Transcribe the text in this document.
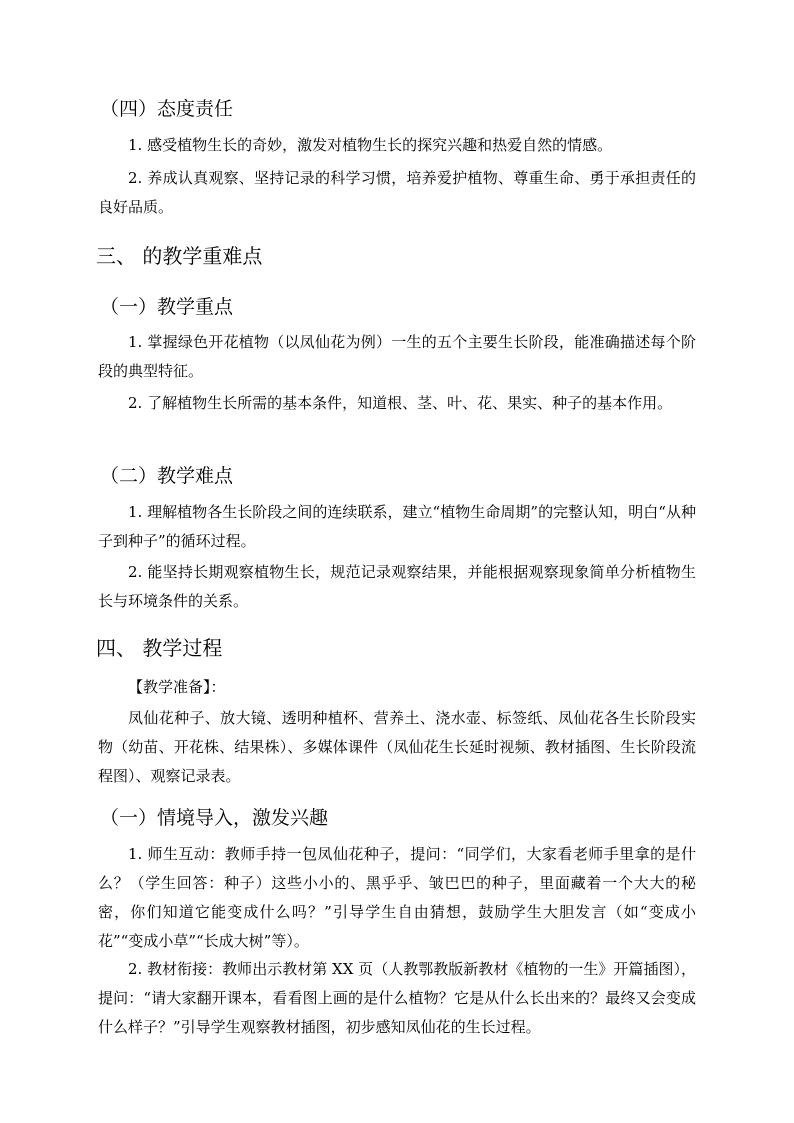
（四）态度责任
1. 感受植物生长的奇妙，激发对植物生长的探究兴趣和热爱自然的情感。
2. 养成认真观察、坚持记录的科学习惯，培养爱护植物、尊重生命、勇于承担责任的良好品质。
三、 的教学重难点
（一）教学重点
1. 掌握绿色开花植物（以凤仙花为例）一生的五个主要生长阶段，能准确描述每个阶段的典型特征。
2. 了解植物生长所需的基本条件，知道根、茎、叶、花、果实、种子的基本作用。
（二）教学难点
1. 理解植物各生长阶段之间的连续联系，建立“植物生命周期”的完整认知，明白“从种子到种子”的循环过程。
2. 能坚持长期观察植物生长，规范记录观察结果，并能根据观察现象简单分析植物生长与环境条件的关系。
四、 教学过程
【教学准备】：
凤仙花种子、放大镜、透明种植杯、营养土、浇水壶、标签纸、凤仙花各生长阶段实物（幼苗、开花株、结果株）、多媒体课件（凤仙花生长延时视频、教材插图、生长阶段流程图）、观察记录表。
（一）情境导入，激发兴趣
1. 师生互动：教师手持一包凤仙花种子，提问：“同学们，大家看老师手里拿的是什么？（学生回答：种子）这些小小的、黑乎乎、皱巴巴的种子，里面藏着一个大大的秘密，你们知道它能变成什么吗？”引导学生自由猜想，鼓励学生大胆发言（如“变成小花”“变成小草”“长成大树”等）。
2. 教材衔接：教师出示教材第 XX 页（人教鄂教版新教材《植物的一生》开篇插图），提问：“请大家翻开课本，看看图上画的是什么植物？它是从什么长出来的？最终又会变成什么样子？”引导学生观察教材插图，初步感知凤仙花的生长过程。
